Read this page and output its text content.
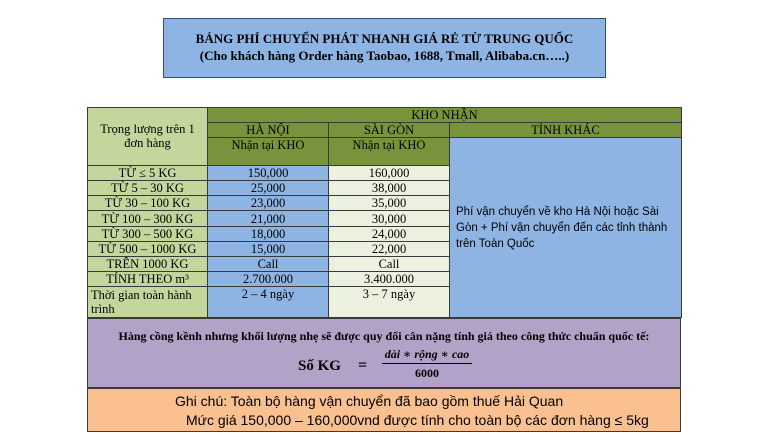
BẢNG PHÍ CHUYỂN PHÁT NHANH GIÁ RẺ TỪ TRUNG QUỐC
(Cho khách hàng Order hàng Taobao, 1688, Tmall, Alibaba.cn…..)
Trọng lượng trên 1 đơn hàng	KHO NHẬN		
	HÀ NỘI	SÀI GÒN	TỈNH KHÁC
	Nhận tại KHO	Nhận tại KHO	Phí vận chuyển về kho Hà Nội hoặc Sài Gòn + Phí vận chuyển đến các tỉnh thành trên Toàn Quốc
TỪ ≤ 5 KG	150,000	160,000	
TỪ 5 – 30 KG	25,000	38,000	
TỪ 30 – 100 KG	23,000	35,000	
TỪ 100 – 300 KG	21,000	30,000	
TỪ 300 – 500 KG	18,000	24,000	
TỪ 500 – 1000 KG	15,000	22,000	
TRÊN 1000 KG	Call	Call	
TÍNH THEO m³	2.700.000	3.400.000	
Thời gian toàn hành trình	2 – 4 ngày	3 – 7 ngày	
Hàng cồng kềnh nhưng khối lượng nhẹ sẽ được quy đổi cân nặng tính giá theo công thức chuẩn quốc tế:
Số KG =
dài ∗ rộng ∗ cao
6000
Ghi chú: Toàn bộ hàng vận chuyển đã bao gồm thuế Hải Quan
Mức giá 150,000 – 160,000vnd được tính cho toàn bộ các đơn hàng ≤ 5kg
